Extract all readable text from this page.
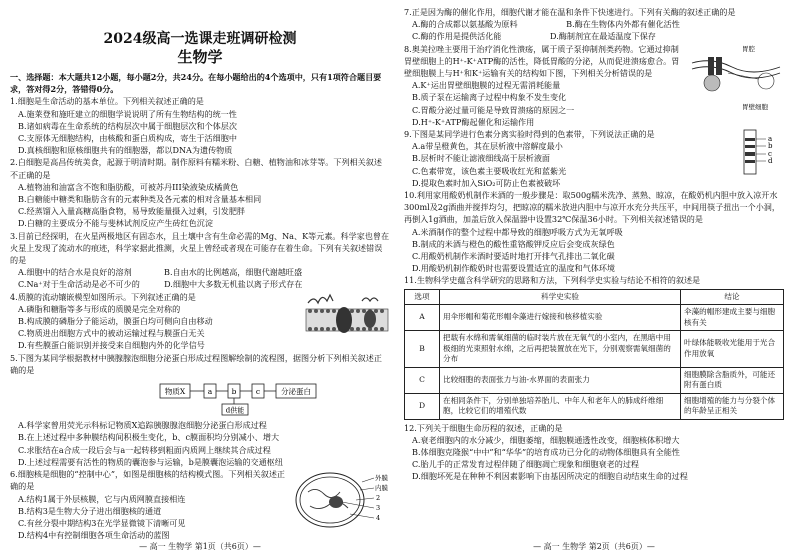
2024级高一选课走班调研检测
生物学

一、选择题：本大题共12小题，每小题2分，共24分。在每小题给出的4个选项中，只有1项符合题目要求，答对得2分，答错得0分。

1.细胞是生命活动的基本单位。下列相关叙述正确的是

A.施莱登和施旺建立的细胞学说说明了所有生物结构的统一性

B.诸如病毒在生命系统的结构层次中属于细胞层次和个体层次

C.支原体无细胞结构，由核酸和蛋白质构成，寄生于活细胞中

D.真核细胞和原核细胞共有的细胞器，都以DNA为遗传物质

2.白细胞是高昌传统美食，起源于明清时期。制作原料有糯米粉、白糖、植物油和冰芽等。下列相关叙述不正确的是

A.植物油和油富含不饱和脂肪酸，可被苏丹III染液染成橘黄色

B.白糖能中糖类和脂肪含有的元素种类及各元素的相对含量基本相同

C.经蒸馏入入量高糖高脂食物，易导致能量摄入过剩，引发肥胖

D.白糖的主要成分不能与斐林试剂反应产生砖红色沉淀

3.目前已经探明，在火星两极地区有固态水，且土壤中含有生命必需的Mg、Na、K等元素。科学家也曾在火星上发现了流动水的痕迹，科学家据此推测，火星上曾经或者现在可能存在着生命。下列有关叙述错误的是

A.细胞中的结合水是良好的溶剂　　　　	B.自由水的比例越高，细胞代谢越旺盛

C.Na⁺对于生命活动是必不可少的　　　	D.细胞中大多数无机盐以离子形式存在

4.质膜的流动镶嵌模型如图所示。下列叙述正确的是

A.磷脂和糖脂等多与形成的质膜是完全对称的

B.构成膜的磷脂分子能运动，膜蛋白均可侧向自由移动

C.物质进出细胞方式中的被动运输过程与膜蛋白无关

D.有些膜蛋白能识别并接受来自细胞内外的化学信号

5.下图为某同学根据教材中胰腺腺泡细胞分泌蛋白形成过程图解绘制的流程图，据图分析下列相关叙述正确的是

物质X	a	b	c	分泌蛋白
d供能

A.科学家曾用荧光示科标记物质X追踪胰腺腺泡细胞分泌蛋白形成过程

B.在上述过程中多种膜结构间积极生变化，b、c膜面积均分别减小、增大

C.求胀结在a合成一段后会与a一起转移到粗面内质网上继续其合成过程

D.上述过程需要有活性的物质的囊泡参与运输，b是膜囊泡运输的交通枢纽

外膜
内膜
2
3
4

6.细胞核是细胞的“控制中心”，如图是细胞核的结构模式图。下列相关叙述正确的是

A.结构1属于外层核膜，它与内质网膜直接相连

B.结构3是生物大分子进出细胞核的通道

C.有丝分裂中期结构3在光学显微镜下清晰可见

D.结构4中有控制细胞各项生命活动的蓝图

— 高一 生物学 第1页（共6页）—

7.正是因为酶的催化作用，细胞代谢才能在温和条件下快速进行。下列有关酶的叙述正确的是

A.酶的合成都以氨基酸为原料　　　　　　	B.酶在生物体内外都有催化活性

C.酶的作用是提供活化能　　　　　　	D.酶制剂宜在最适温度下保存

胃腔
胃壁细胞

8.奥美拉唑主要用于治疗消化性溃疡，属于质子泵抑制剂类药物。它通过抑制胃壁细胞上的H⁺-K⁺ATP酶的活性，降低胃酸的分泌，从而促进溃疡愈合。胃壁细胞膜上与H⁺和K⁺运输有关的结构如下图，下列相关分析错误的是

A.K⁺运出胃壁细胞膜的过程无需消耗能量

B.质子泵在运输离子过程中构象不发生变化

C.胃酸分泌过量可能是导致胃溃疡的原因之一

D.H⁺-K⁺ATP酶起催化和运输作用

a
b
c
d

9.下图是某同学进行色素分离实验时得到的色素带，下列说法正确的是

A.a带呈橙黄色，其在层析液中溶解度最小

B.层析时不能让滤液细线高于层析液面

C.色素带宽，该色素主要吸收红光和蓝紫光

D.提取色素时加入SiO₂可防止色素被破坏

10.利用家用酸奶机制作米酒的一般步骤是：取500g糯米洗净、蒸熟、晾凉，在酸奶机内胆中放入凉开水300ml及2g酒曲并搅拌均匀，把晾凉的糯米放进内胆中与凉开水充分共压平，中间用筷子扭出一个小洞，再倒入1g酒曲，加盖后放入保温器中设置32℃保温36小时。下列相关叙述错误的是

A.米酒制作的整个过程中都导致的细胞呼吸方式为无氧呼吸

B.制成的米酒与橙色的酸性重铬酸钾反应后会变成灰绿色

C.用酸奶机制作米酒时要适时地打开排气孔排出二氧化碳

D.用酸奶机制作酸奶时也需要设置适宜的温度和气体环境

11.生物科学史蕴含科学研究的思路和方法，下列科学史实验与结论不相符的叙述是

选项	科学史实验	结论
A	用伞形帽和菊花形帽伞藻进行嫁接和核移植实验	伞藻的帽形建成主要与细胞核有关
B	把载有水绵和需氧细菌的临时装片放在无氧气的小室内，在黑暗中用极细的光束照射水绵，之后再把装置放在光下，分别观察需氧细菌的分布	叶绿体能吸收光能用于光合作用放氧
C	比较细胞的表面张力与油-水界面的表面张力	细胞膜除含脂质外，可能还附有蛋白质
D	在相同条件下，分别单独培养胎儿、中年人和老年人的肺成纤维细胞，比较它们的增殖代数	细胞增殖的能力与分裂个体的年龄呈正相关

12.下列关于细胞生命历程的叙述，正确的是

A.衰老细胞内的水分减少，细胞萎缩，细胞膜通透性改变，细胞核体积增大

B.体细胞克隆猴“中中”和“华华”的培育成功已分化的动物体细胞具有全能性

C.胎儿手的正常发育过程伴随了细胞凋亡现象和细胞衰老的过程

D.细胞坏死是在种种不利因素影响下由基因所决定的细胞自动结束生命的过程

— 高一 生物学 第2页（共6页）—
